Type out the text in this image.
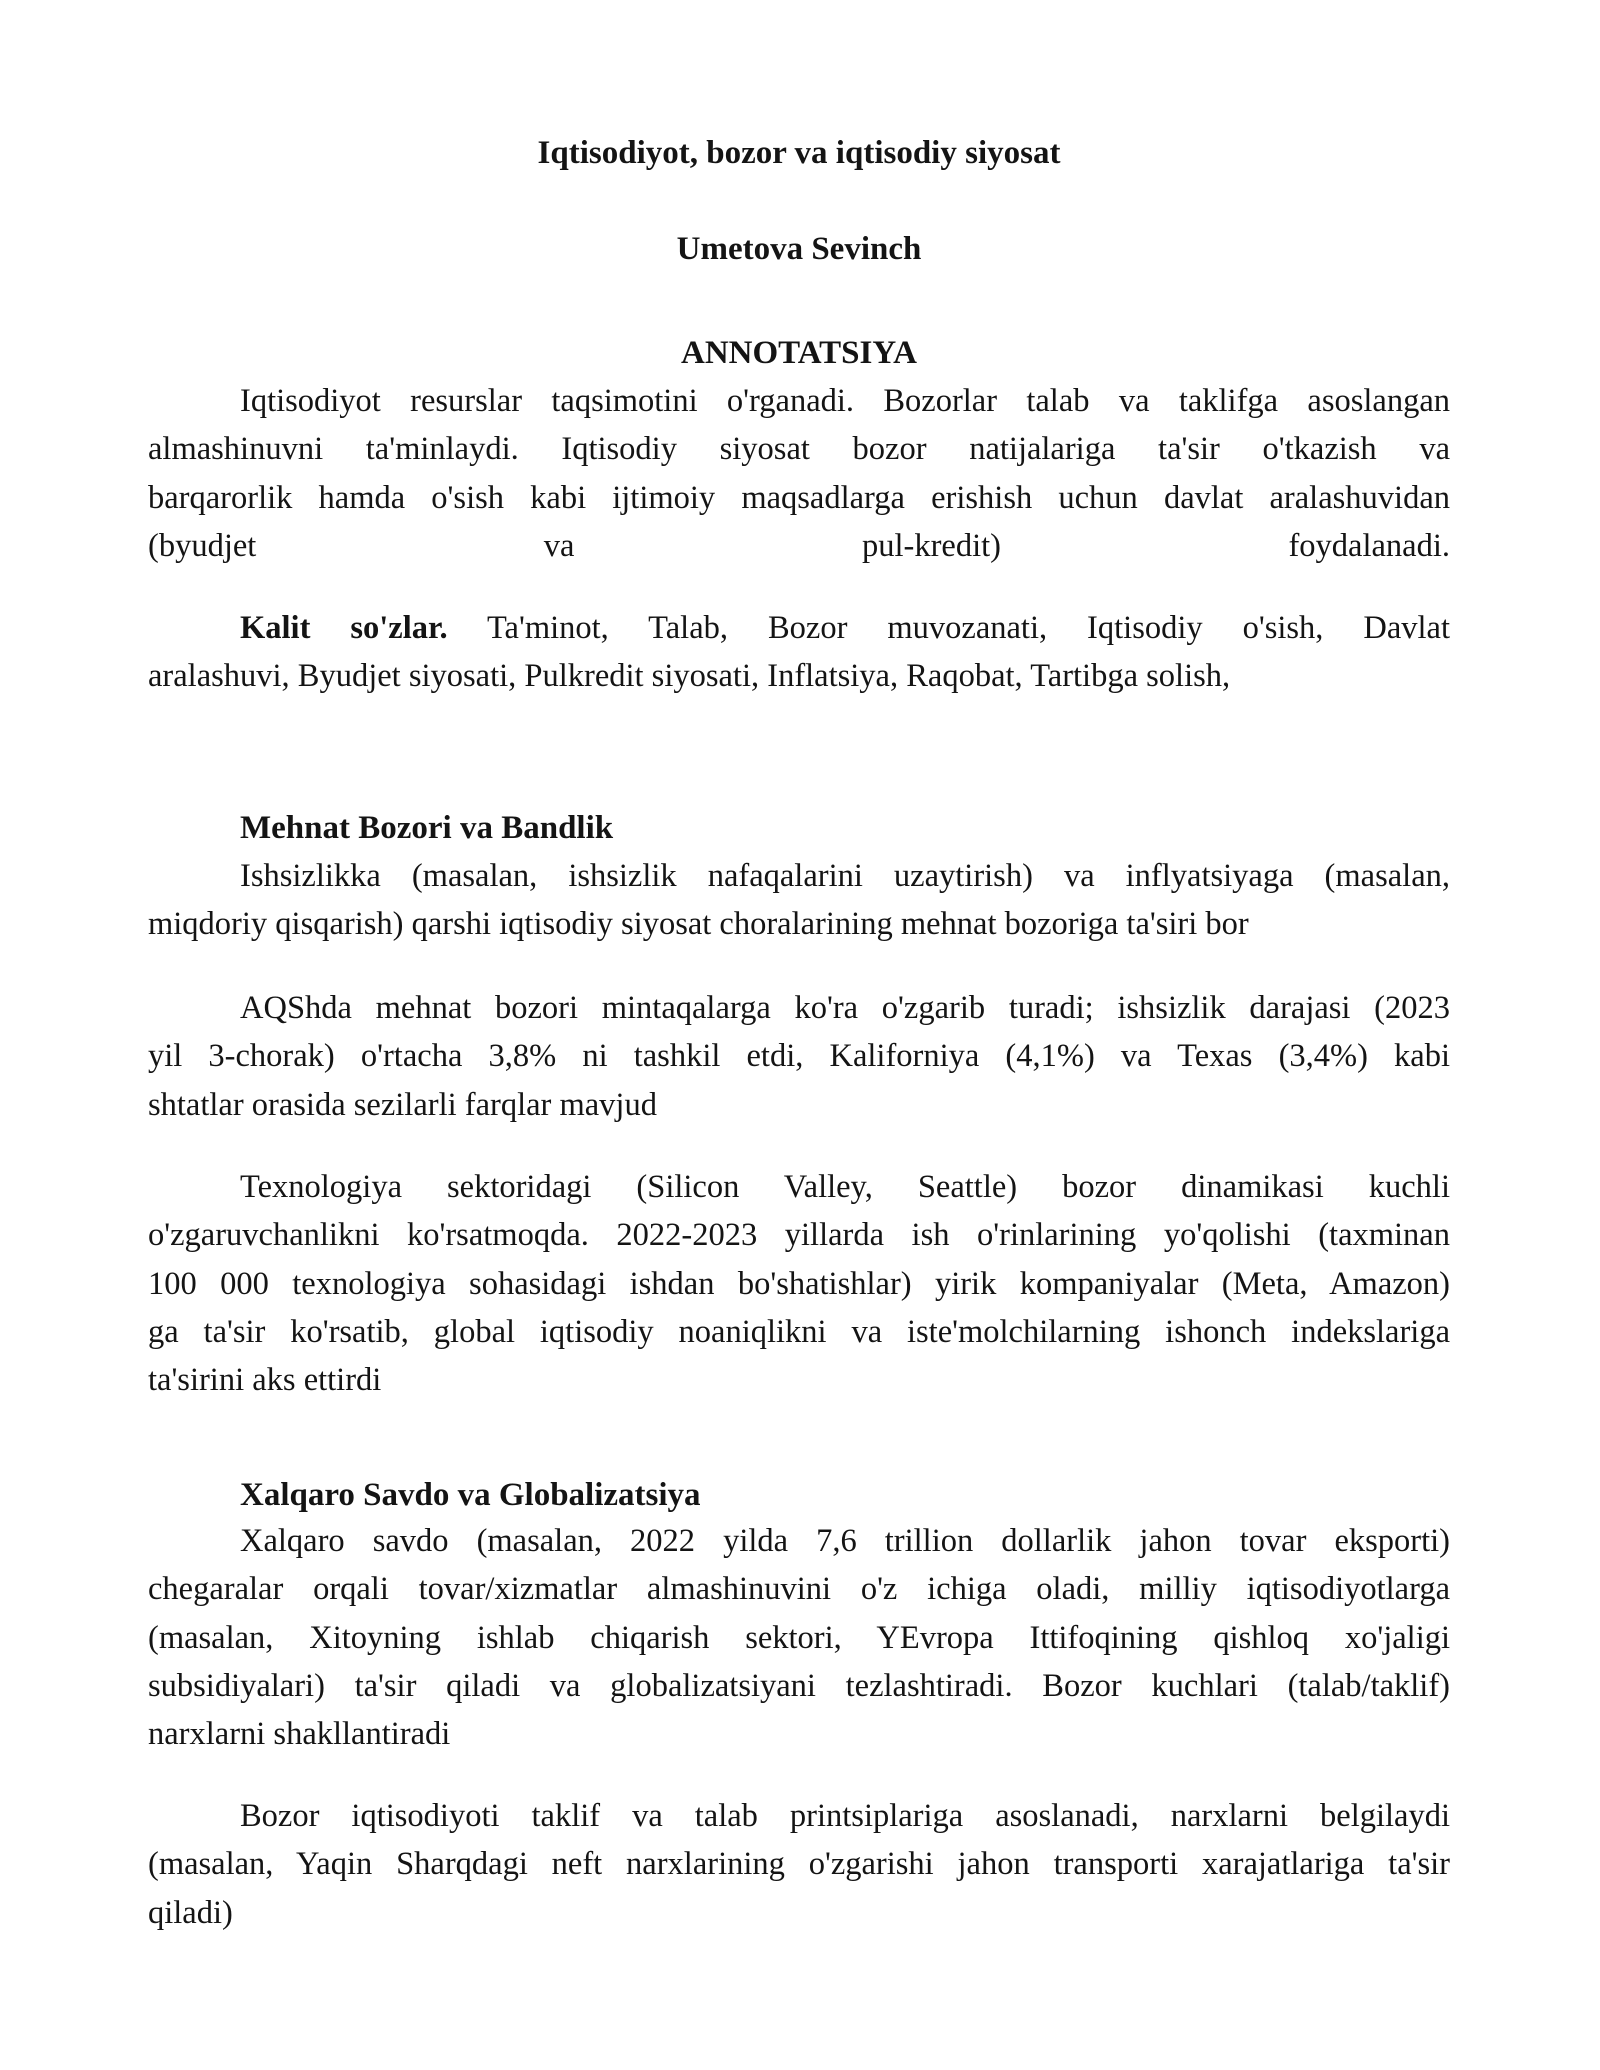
Iqtisodiyot, bozor va iqtisodiy siyosat
Umetova Sevinch
ANNOTATSIYA
Iqtisodiyot resurslar taqsimotini o'rganadi. Bozorlar talab va taklifga asoslangan
almashinuvni ta'minlaydi. Iqtisodiy siyosat bozor natijalariga ta'sir o'tkazish va
barqarorlik hamda o'sish kabi ijtimoiy maqsadlarga erishish uchun davlat aralashuvidan
(byudjet va pul-kredit) foydalanadi.
Kalit so'zlar. Ta'minot, Talab, Bozor muvozanati, Iqtisodiy o'sish, Davlat
aralashuvi, Byudjet siyosati, Pulkredit siyosati, Inflatsiya, Raqobat, Tartibga solish,
Mehnat Bozori va Bandlik
Ishsizlikka (masalan, ishsizlik nafaqalarini uzaytirish) va inflyatsiyaga (masalan,
miqdoriy qisqarish) qarshi iqtisodiy siyosat choralarining mehnat bozoriga ta'siri bor
AQShda mehnat bozori mintaqalarga ko'ra o'zgarib turadi; ishsizlik darajasi (2023
yil 3-chorak) o'rtacha 3,8% ni tashkil etdi, Kaliforniya (4,1%) va Texas (3,4%) kabi
shtatlar orasida sezilarli farqlar mavjud
Texnologiya sektoridagi (Silicon Valley, Seattle) bozor dinamikasi kuchli
o'zgaruvchanlikni ko'rsatmoqda. 2022-2023 yillarda ish o'rinlarining yo'qolishi (taxminan
100 000 texnologiya sohasidagi ishdan bo'shatishlar) yirik kompaniyalar (Meta, Amazon)
ga ta'sir ko'rsatib, global iqtisodiy noaniqlikni va iste'molchilarning ishonch indekslariga
ta'sirini aks ettirdi
Xalqaro Savdo va Globalizatsiya
Xalqaro savdo (masalan, 2022 yilda 7,6 trillion dollarlik jahon tovar eksporti)
chegaralar orqali tovar/xizmatlar almashinuvini o'z ichiga oladi, milliy iqtisodiyotlarga
(masalan, Xitoyning ishlab chiqarish sektori, YEvropa Ittifoqining qishloq xo'jaligi
subsidiyalari) ta'sir qiladi va globalizatsiyani tezlashtiradi. Bozor kuchlari (talab/taklif)
narxlarni shakllantiradi
Bozor iqtisodiyoti taklif va talab printsiplariga asoslanadi, narxlarni belgilaydi
(masalan, Yaqin Sharqdagi neft narxlarining o'zgarishi jahon transporti xarajatlariga ta'sir
qiladi)
